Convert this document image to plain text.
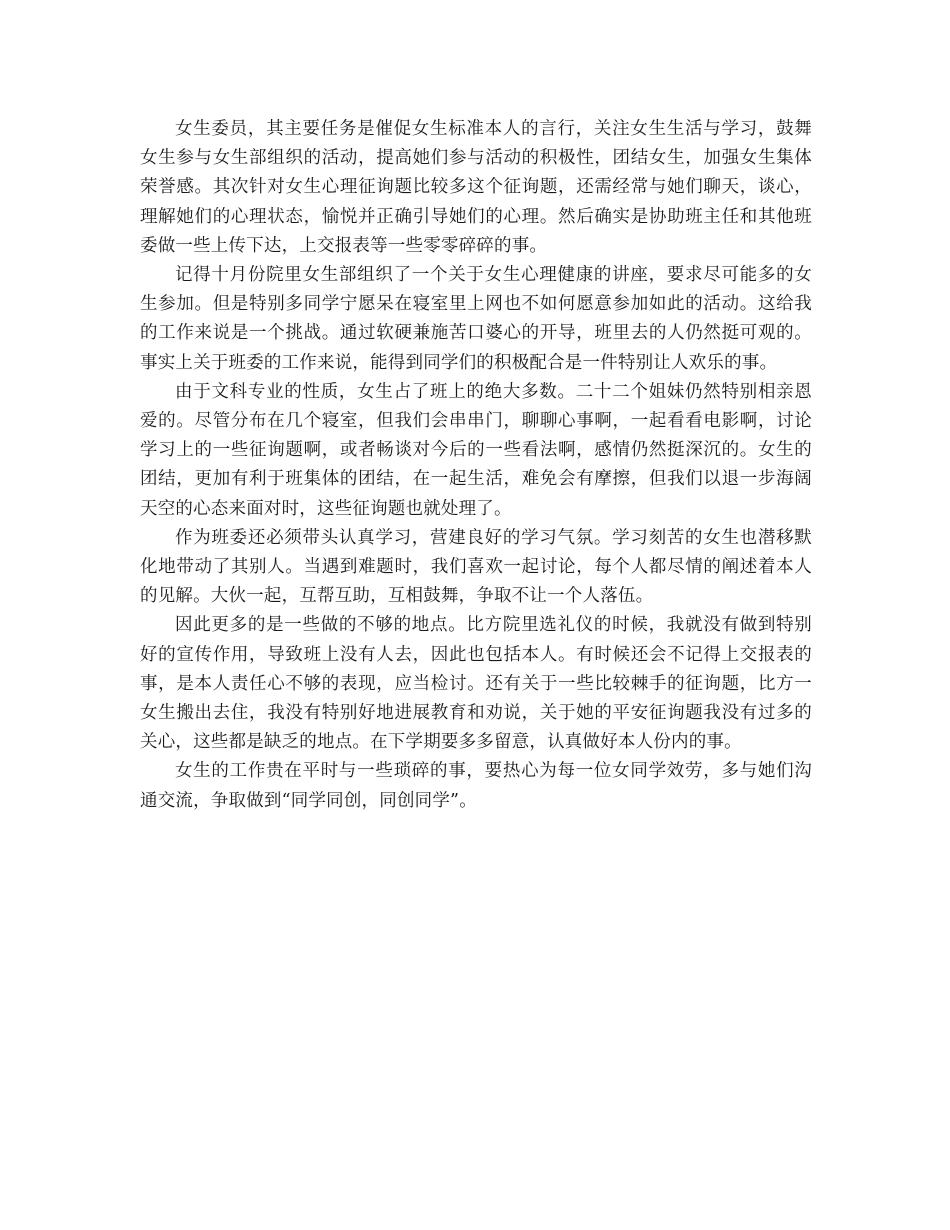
女生委员，其主要任务是催促女生标准本人的言行，关注女生生活与学习，鼓舞女生参与女生部组织的活动，提高她们参与活动的积极性，团结女生，加强女生集体荣誉感。其次针对女生心理征询题比较多这个征询题，还需经常与她们聊天，谈心，理解她们的心理状态，愉悦并正确引导她们的心理。然后确实是协助班主任和其他班委做一些上传下达，上交报表等一些零零碎碎的事。

记得十月份院里女生部组织了一个关于女生心理健康的讲座，要求尽可能多的女生参加。但是特别多同学宁愿呆在寝室里上网也不如何愿意参加如此的活动。这给我的工作来说是一个挑战。通过软硬兼施苦口婆心的开导，班里去的人仍然挺可观的。事实上关于班委的工作来说，能得到同学们的积极配合是一件特别让人欢乐的事。

由于文科专业的性质，女生占了班上的绝大多数。二十二个姐妹仍然特别相亲恩爱的。尽管分布在几个寝室，但我们会串串门，聊聊心事啊，一起看看电影啊，讨论学习上的一些征询题啊，或者畅谈对今后的一些看法啊，感情仍然挺深沉的。女生的团结，更加有利于班集体的团结，在一起生活，难免会有摩擦，但我们以退一步海阔天空的心态来面对时，这些征询题也就处理了。

作为班委还必须带头认真学习，营建良好的学习气氛。学习刻苦的女生也潜移默化地带动了其别人。当遇到难题时，我们喜欢一起讨论，每个人都尽情的阐述着本人的见解。大伙一起，互帮互助，互相鼓舞，争取不让一个人落伍。

因此更多的是一些做的不够的地点。比方院里选礼仪的时候，我就没有做到特别好的宣传作用，导致班上没有人去，因此也包括本人。有时候还会不记得上交报表的事，是本人责任心不够的表现，应当检讨。还有关于一些比较棘手的征询题，比方一女生搬出去住，我没有特别好地进展教育和劝说，关于她的平安征询题我没有过多的关心，这些都是缺乏的地点。在下学期要多多留意，认真做好本人份内的事。

女生的工作贵在平时与一些琐碎的事，要热心为每一位女同学效劳，多与她们沟通交流，争取做到“同学同创，同创同学”。
